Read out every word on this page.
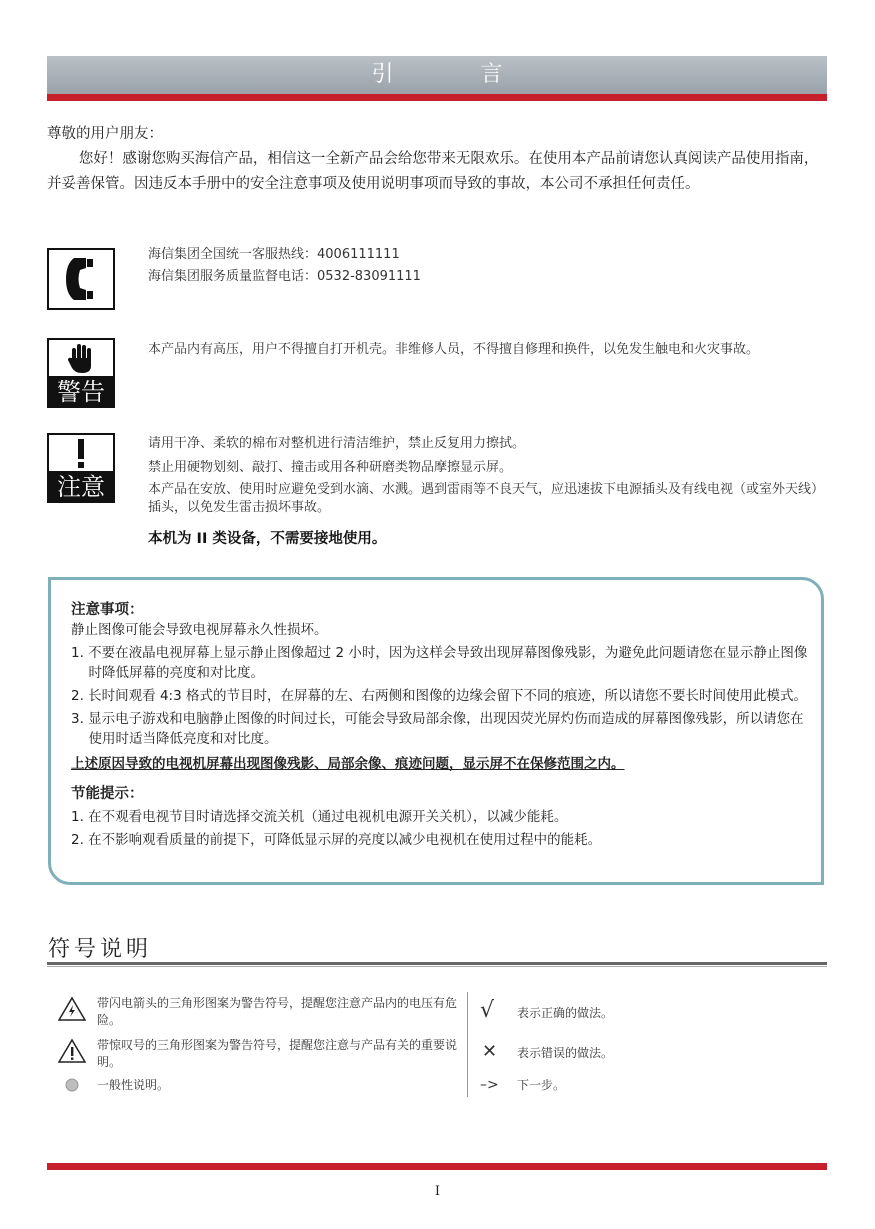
引 言

尊敬的用户朋友：

您好！感谢您购买海信产品，相信这一全新产品会给您带来无限欢乐。在使用本产品前请您认真阅读产品使用指南，并妥善保管。因违反本手册中的安全注意事项及使用说明事项而导致的事故，本公司不承担任何责任。

海信集团全国统一客服热线：4006111111

海信集团服务质量监督电话：0532-83091111

警告

本产品内有高压，用户不得擅自打开机壳。非维修人员，不得擅自修理和换件，以免发生触电和火灾事故。

注意

请用干净、柔软的棉布对整机进行清洁维护，禁止反复用力擦拭。

禁止用硬物划刻、敲打、撞击或用各种研磨类物品摩擦显示屏。

本产品在安放、使用时应避免受到水滴、水溅。遇到雷雨等不良天气，应迅速拔下电源插头及有线电视（或室外天线）插头，以免发生雷击损坏事故。

本机为 II 类设备，不需要接地使用。

注意事项：

静止图像可能会导致电视屏幕永久性损坏。

1. 不要在液晶电视屏幕上显示静止图像超过 2 小时，因为这样会导致出现屏幕图像残影，为避免此问题请您在显示静止图像时降低屏幕的亮度和对比度。

2. 长时间观看 4:3 格式的节目时，在屏幕的左、右两侧和图像的边缘会留下不同的痕迹，所以请您不要长时间使用此模式。

3. 显示电子游戏和电脑静止图像的时间过长，可能会导致局部余像，出现因荧光屏灼伤而造成的屏幕图像残影，所以请您在使用时适当降低亮度和对比度。

上述原因导致的电视机屏幕出现图像残影、局部余像、痕迹问题，显示屏不在保修范围之内。

节能提示：

1. 在不观看电视节目时请选择交流关机（通过电视机电源开关关机），以减少能耗。

2. 在不影响观看质量的前提下，可降低显示屏的亮度以减少电视机在使用过程中的能耗。

符号说明
带闪电箭头的三角形图案为警告符号，提醒您注意产品内的电压有危险。
带惊叹号的三角形图案为警告符号，提醒您注意与产品有关的重要说明。
一般性说明。
√ 表示正确的做法。
✕ 表示错误的做法。
–> 下一步。
I
